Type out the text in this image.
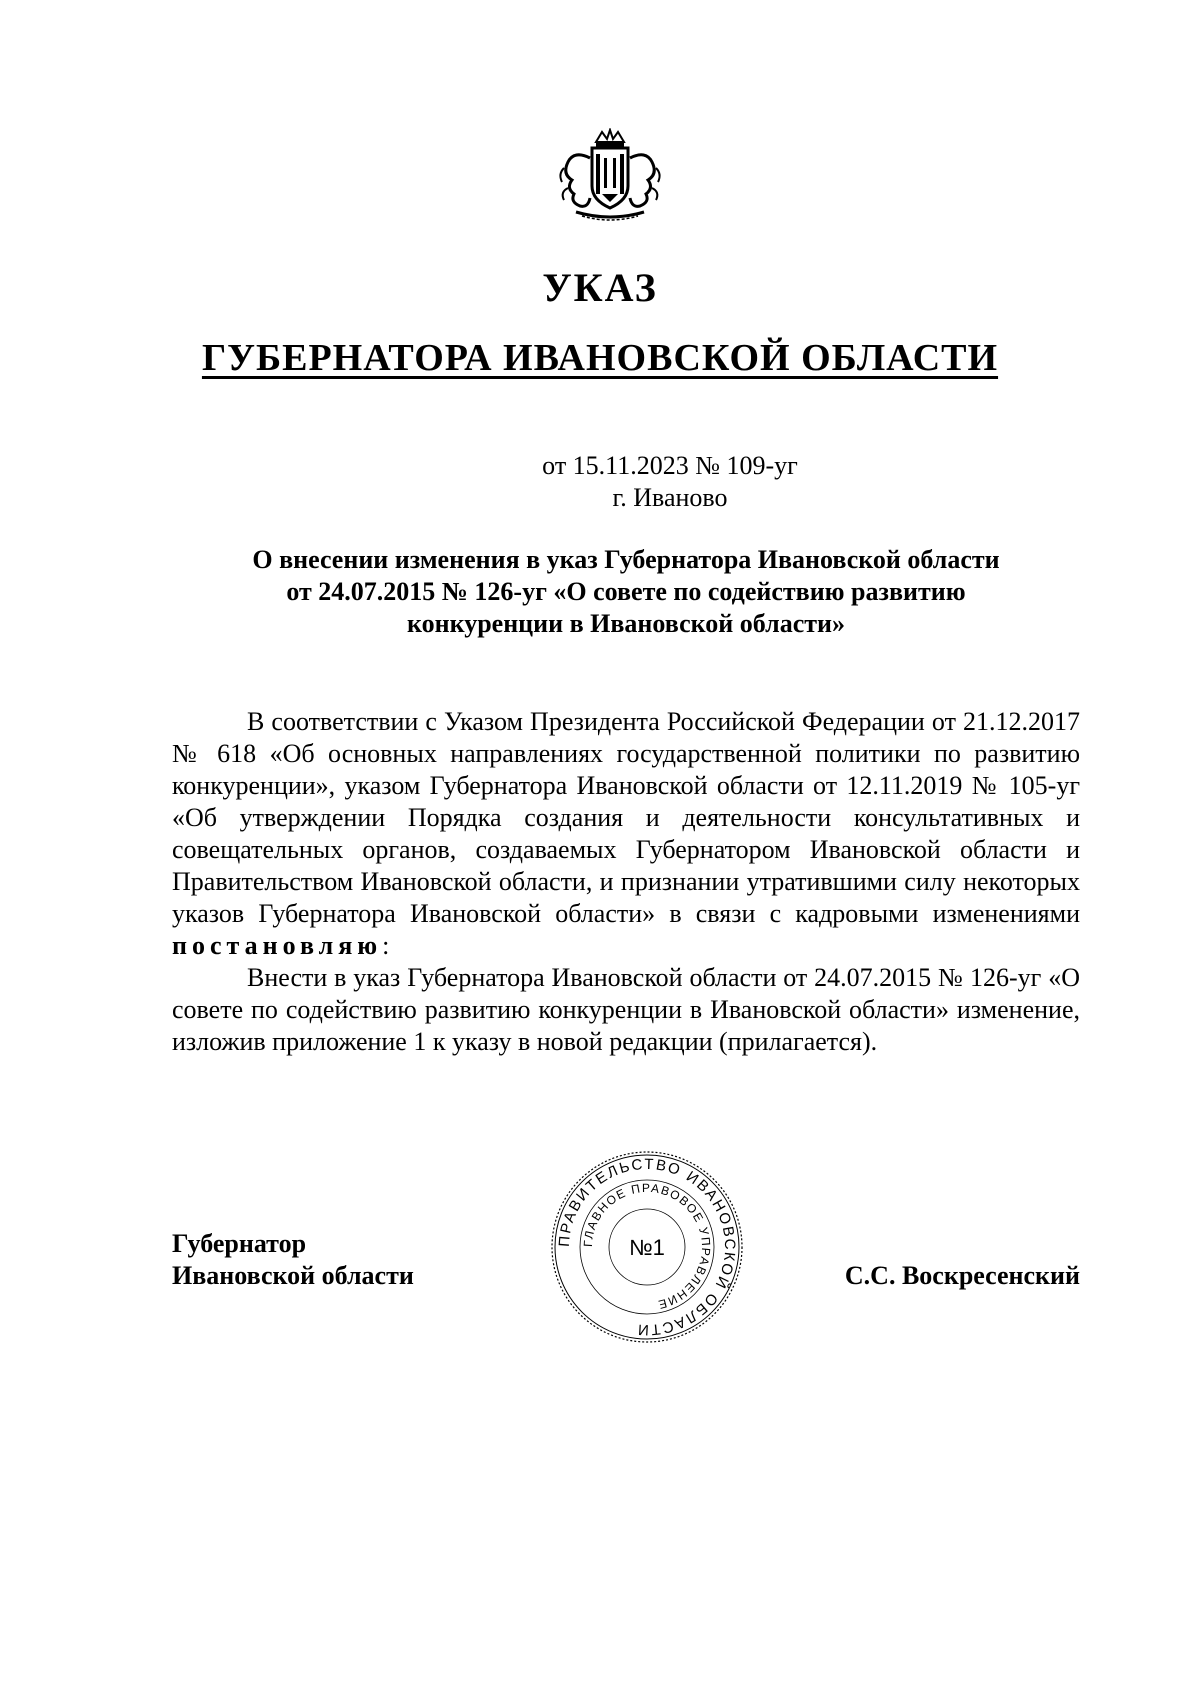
УКАЗ
ГУБЕРНАТОРА ИВАНОВСКОЙ ОБЛАСТИ
от 15.11.2023 № 109-уг
г. Иваново
О внесении изменения в указ Губернатора Ивановской области
от 24.07.2015 № 126-уг «О совете по содействию развитию
конкуренции в Ивановской области»

В соответствии с Указом Президента Российской Федерации от 21.12.2017 № 618 «Об основных направлениях государственной политики по развитию конкуренции», указом Губернатора Ивановской области от 12.11.2019 № 105-уг «Об утверждении Порядка создания и деятельности консультативных и совещательных органов, создаваемых Губернатором Ивановской области и Правительством Ивановской области, и признании утратившими силу некоторых указов Губернатора Ивановской области» в связи с кадровыми изменениями постановляю:

Внести в указ Губернатора Ивановской области от 24.07.2015 № 126-уг «О совете по содействию развитию конкуренции в Ивановской области» изменение, изложив приложение 1 к указу в новой редакции (прилагается).

Губернатор
Ивановской области
ПРАВИТЕЛЬСТВО ИВАНОВСКОЙ ОБЛАСТИ
ГЛАВНОЕ ПРАВОВОЕ УПРАВЛЕНИЕ
№1
С.С. Воскресенский
